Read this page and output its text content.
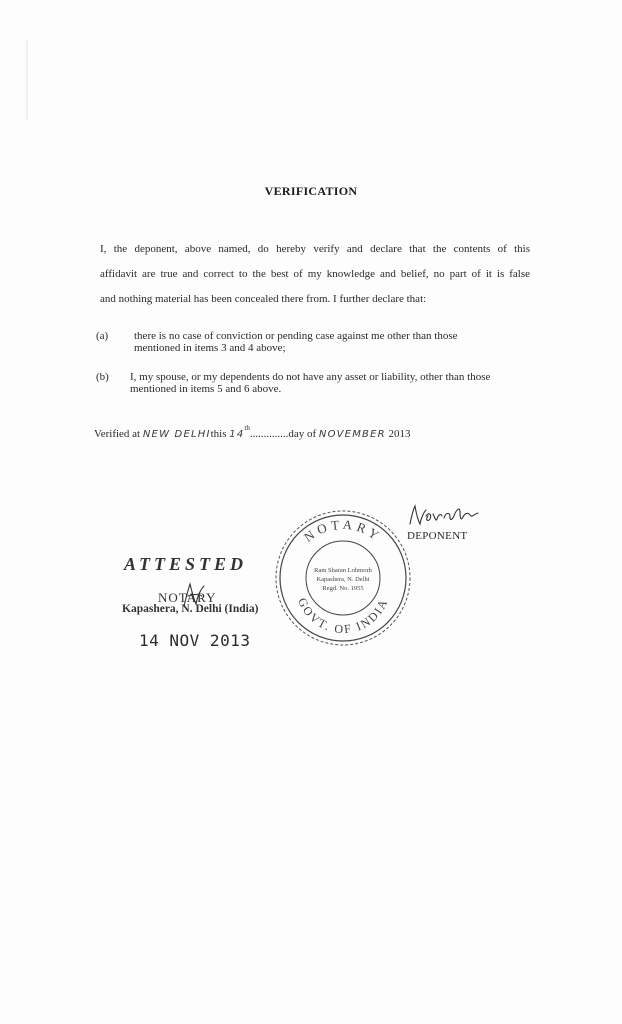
VERIFICATION
I, the deponent, above named, do hereby verify and declare that the contents of this
affidavit are true and correct to the best of my knowledge and belief, no part of it is false
and nothing material has been concealed there from. I further declare that:
(a) there is no case of conviction or pending case against me other than those
mentioned in items 3 and 4 above;
(b) I, my spouse, or my dependents do not have any asset or liability, other than those
mentioned in items 5 and 6 above.
Verified at NEW DELHIthis 14th..............day of NOVEMBER 2013
DEPONENT
ATTESTED
NOTARY
Kapashera, N. Delhi (India)
14 NOV 2013
NOTARY
GOVT. OF INDIA
Ram Sharan Lohmorh
Kapashera, N. Delhi
Regd. No. 1955
